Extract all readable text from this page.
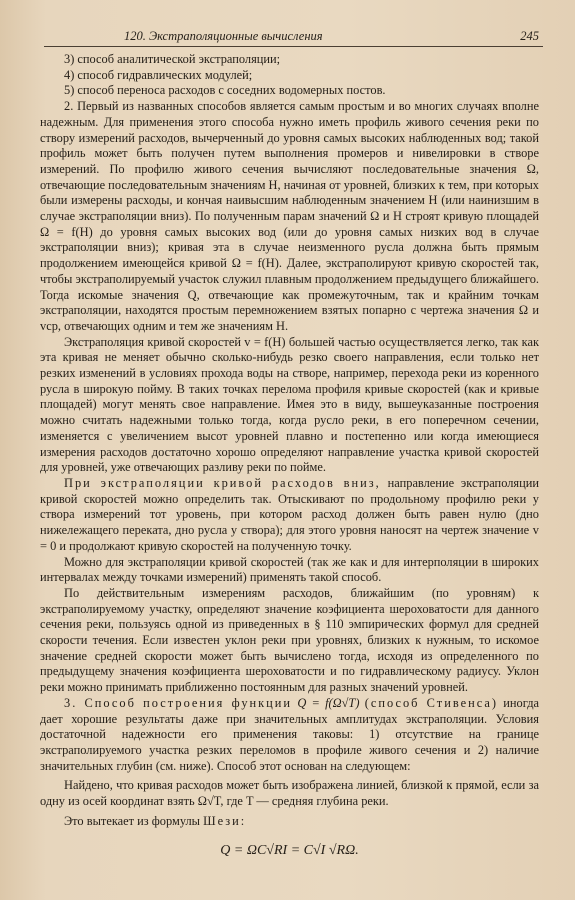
120. Экстраполяционные вычисления	245

3) способ аналитической экстраполяции;

4) способ гидравлических модулей;

5) способ переноса расходов с соседних водомерных постов.

2. Первый из названных способов является самым простым и во многих случаях вполне надежным. Для применения этого способа нужно иметь профиль живого сечения реки по створу измерений расходов, вычерченный до уровня самых высоких наблюденных вод; такой профиль может быть получен путем выполнения промеров и нивелировки в створе измерений. По профилю живого сечения вычисляют последовательные значения Ω, отвечающие последовательным значениям H, начиная от уровней, близких к тем, при которых были измерены расходы, и кончая наивысшим наблюденным значением H (или наинизшим в случае экстраполяции вниз). По полученным парам значений Ω и H строят кривую площадей Ω = f(H) до уровня самых высоких вод (или до уровня самых низких вод в случае экстраполяции вниз); кривая эта в случае неизменного русла должна быть прямым продолжением имеющейся кривой Ω = f(H). Далее, экстраполируют кривую скоростей так, чтобы экстраполируемый участок служил плавным продолжением предыдущего ближайшего. Тогда искомые значения Q, отвечающие как промежуточным, так и крайним точкам экстраполяции, находятся простым перемножением взятых попарно с чертежа значения Ω и vср, отвечающих одним и тем же значениям H.

Экстраполяция кривой скоростей v = f(H) большей частью осуществляется легко, так как эта кривая не меняет обычно сколько-нибудь резко своего направления, если только нет резких изменений в условиях прохода воды на створе, например, перехода реки из коренного русла в широкую пойму. В таких точках перелома профиля кривые скоростей (как и кривые площадей) могут менять свое направление. Имея это в виду, вышеуказанные построения можно считать надежными только тогда, когда русло реки, в его поперечном сечении, изменяется с увеличением высот уровней плавно и постепенно или когда имеющиеся измерения расходов достаточно хорошо определяют направление участка кривой скоростей для уровней, уже отвечающих разливу реки по пойме.

При экстраполяции кривой расходов вниз, направление экстраполяции кривой скоростей можно определить так. Отыскивают по продольному профилю реки у створа измерений тот уровень, при котором расход должен быть равен нулю (дно нижележащего переката, дно русла у створа); для этого уровня наносят на чертеж значение v = 0 и продолжают кривую скоростей на полученную точку.

Можно для экстраполяции кривой скоростей (так же как и для интерполяции в широких интервалах между точками измерений) применять такой способ.

По действительным измерениям расходов, ближайшим (по уровням) к экстраполируемому участку, определяют значение коэфициента шероховатости для данного сечения реки, пользуясь одной из приведенных в § 110 эмпирических формул для средней скорости течения. Если известен уклон реки при уровнях, близких к нужным, то искомое значение средней скорости может быть вычислено тогда, исходя из определенного по предыдущему значения коэфициента шероховатости и по гидравлическому радиусу. Уклон реки можно принимать приближенно постоянным для разных значений уровней.

3. Способ построения функции Q = f(Ω√T) (способ Стивенса) иногда дает хорошие результаты даже при значительных амплитудах экстраполяции. Условия достаточной надежности его применения таковы: 1) отсутствие на границе экстраполируемого участка резких переломов в профиле живого сечения и 2) наличие значительных глубин (см. ниже). Способ этот основан на следующем:

Найдено, что кривая расходов может быть изображена линией, близкой к прямой, если за одну из осей координат взять Ω√T, где T — средняя глубина реки.

Это вытекает из формулы Шези:

Q = ΩC√RI = C√I √RΩ.
